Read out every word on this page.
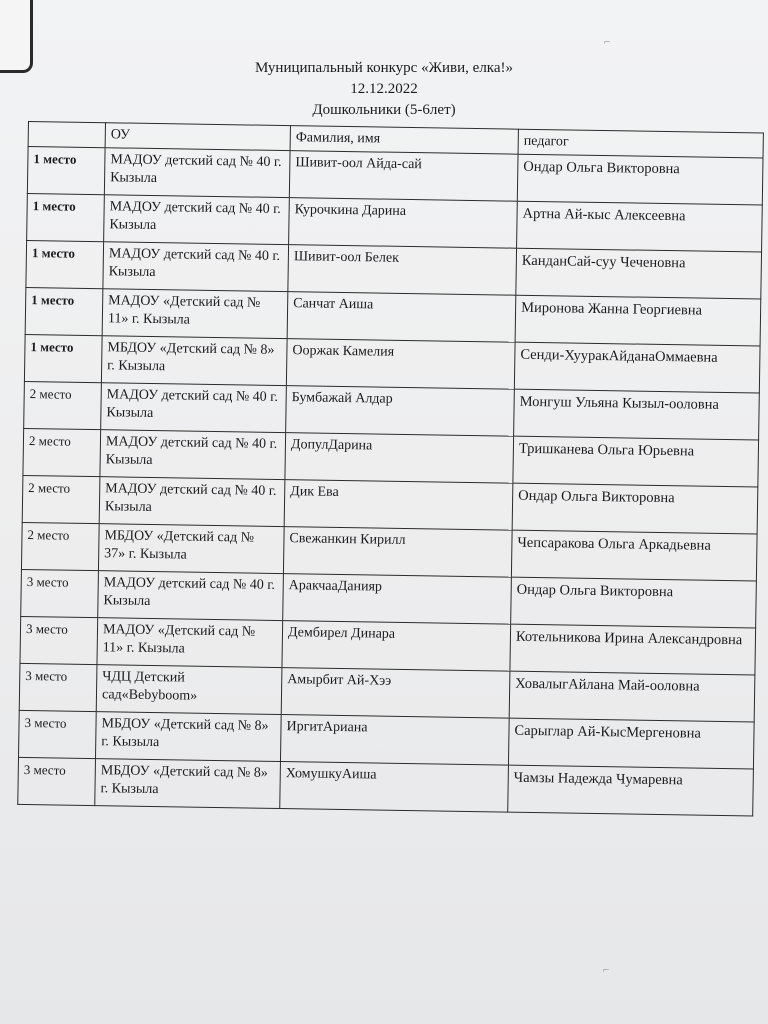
Муниципальный конкурс «Живи, елка!»
12.12.2022
Дошкольники (5-6лет)
	ОУ	Фамилия, имя	педагог
1 место	МАДОУ детский сад № 40 г. Кызыла	Шивит-оол Айда-сай	Ондар Ольга Викторовна
1 место	МАДОУ детский сад № 40 г. Кызыла	Курочкина Дарина	Артна Ай-кыс Алексеевна
1 место	МАДОУ детский сад № 40 г. Кызыла	Шивит-оол Белек	КанданСай-суу Чеченовна
1 место	МАДОУ «Детский сад № 11» г. Кызыла	Санчат Аиша	Миронова Жанна Георгиевна
1 место	МБДОУ «Детский сад № 8» г. Кызыла	Ооржак Камелия	Сенди-ХууракАйданаОммаевна
2 место	МАДОУ детский сад № 40 г. Кызыла	Бумбажай Алдар	Монгуш Ульяна Кызыл-ооловна
2 место	МАДОУ детский сад № 40 г. Кызыла	ДопулДарина	Тришканева Ольга Юрьевна
2 место	МАДОУ детский сад № 40 г. Кызыла	Дик Ева	Ондар Ольга Викторовна
2 место	МБДОУ «Детский сад № 37» г. Кызыла	Свежанкин Кирилл	Чепсаракова Ольга Аркадьевна
3 место	МАДОУ детский сад № 40 г. Кызыла	АракчааДанияр	Ондар Ольга Викторовна
3 место	МАДОУ «Детский сад № 11» г. Кызыла	Дембирел Динара	Котельникова Ирина Александровна
3 место	ЧДЦ Детский сад«Bebyboom»	Амырбит Ай-Хээ	ХовалыгАйлана Май-ооловна
3 место	МБДОУ «Детский сад № 8» г. Кызыла	ИргитАриана	Сарыглар Ай-КысМергеновна
3 место	МБДОУ «Детский сад № 8» г. Кызыла	ХомушкуАиша	Чамзы Надежда Чумаревна
⌐
⌐
